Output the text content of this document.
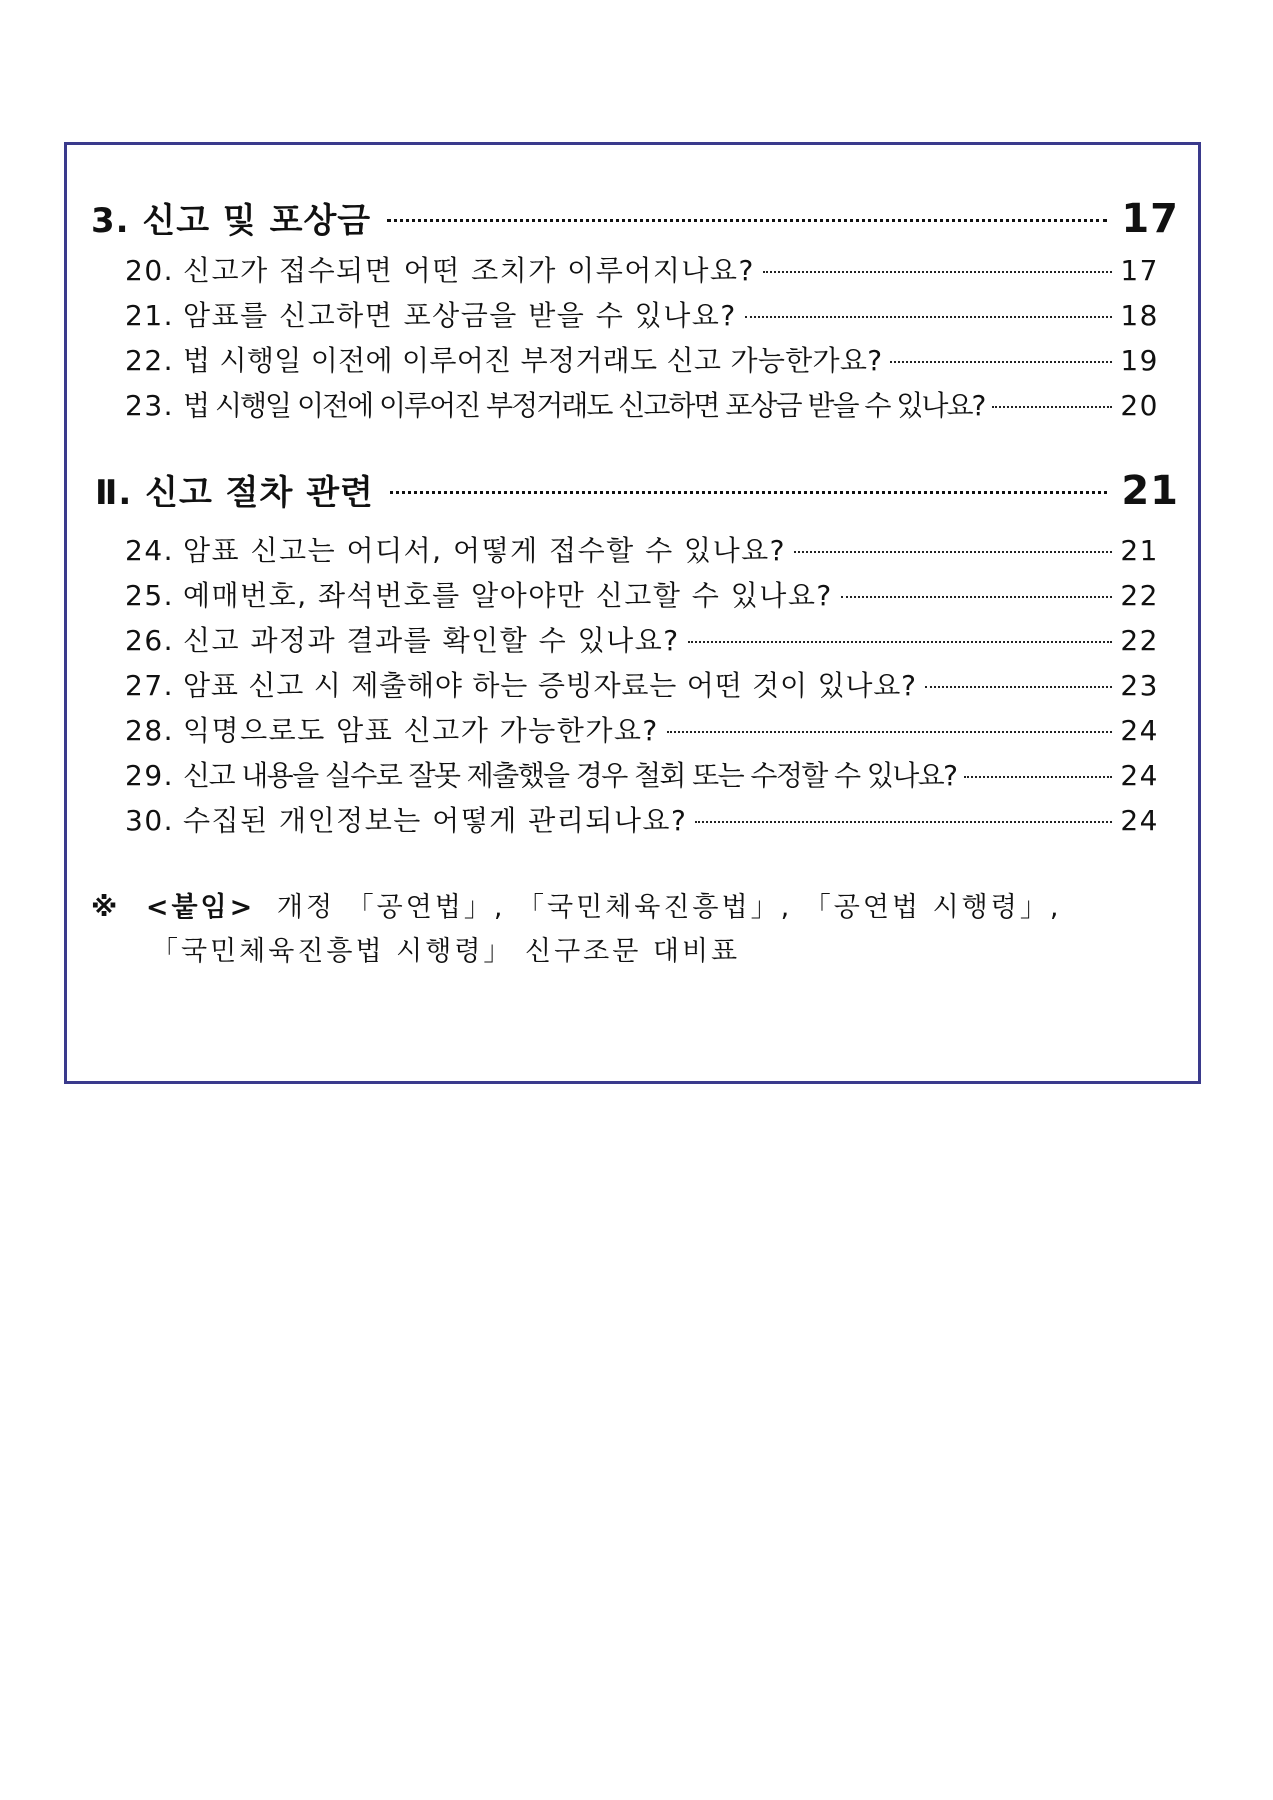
3. 신고 및 포상금	17
20. 신고가 접수되면 어떤 조치가 이루어지나요?	17
21. 암표를 신고하면 포상금을 받을 수 있나요?	18
22. 법 시행일 이전에 이루어진 부정거래도 신고 가능한가요?	19
23. 법 시행일 이전에 이루어진 부정거래도 신고하면 포상금 받을 수 있나요?	20
Ⅱ. 신고 절차 관련	21
24. 암표 신고는 어디서, 어떻게 접수할 수 있나요?	21
25. 예매번호, 좌석번호를 알아야만 신고할 수 있나요?	22
26. 신고 과정과 결과를 확인할 수 있나요?	22
27. 암표 신고 시 제출해야 하는 증빙자료는 어떤 것이 있나요?	23
28. 익명으로도 암표 신고가 가능한가요?	24
29. 신고 내용을 실수로 잘못 제출했을 경우 철회 또는 수정할 수 있나요?	24
30. 수집된 개인정보는 어떻게 관리되나요?	24
※ <붙임> 개정 「공연법」, 「국민체육진흥법」, 「공연법 시행령」,
「국민체육진흥법 시행령」 신구조문 대비표
